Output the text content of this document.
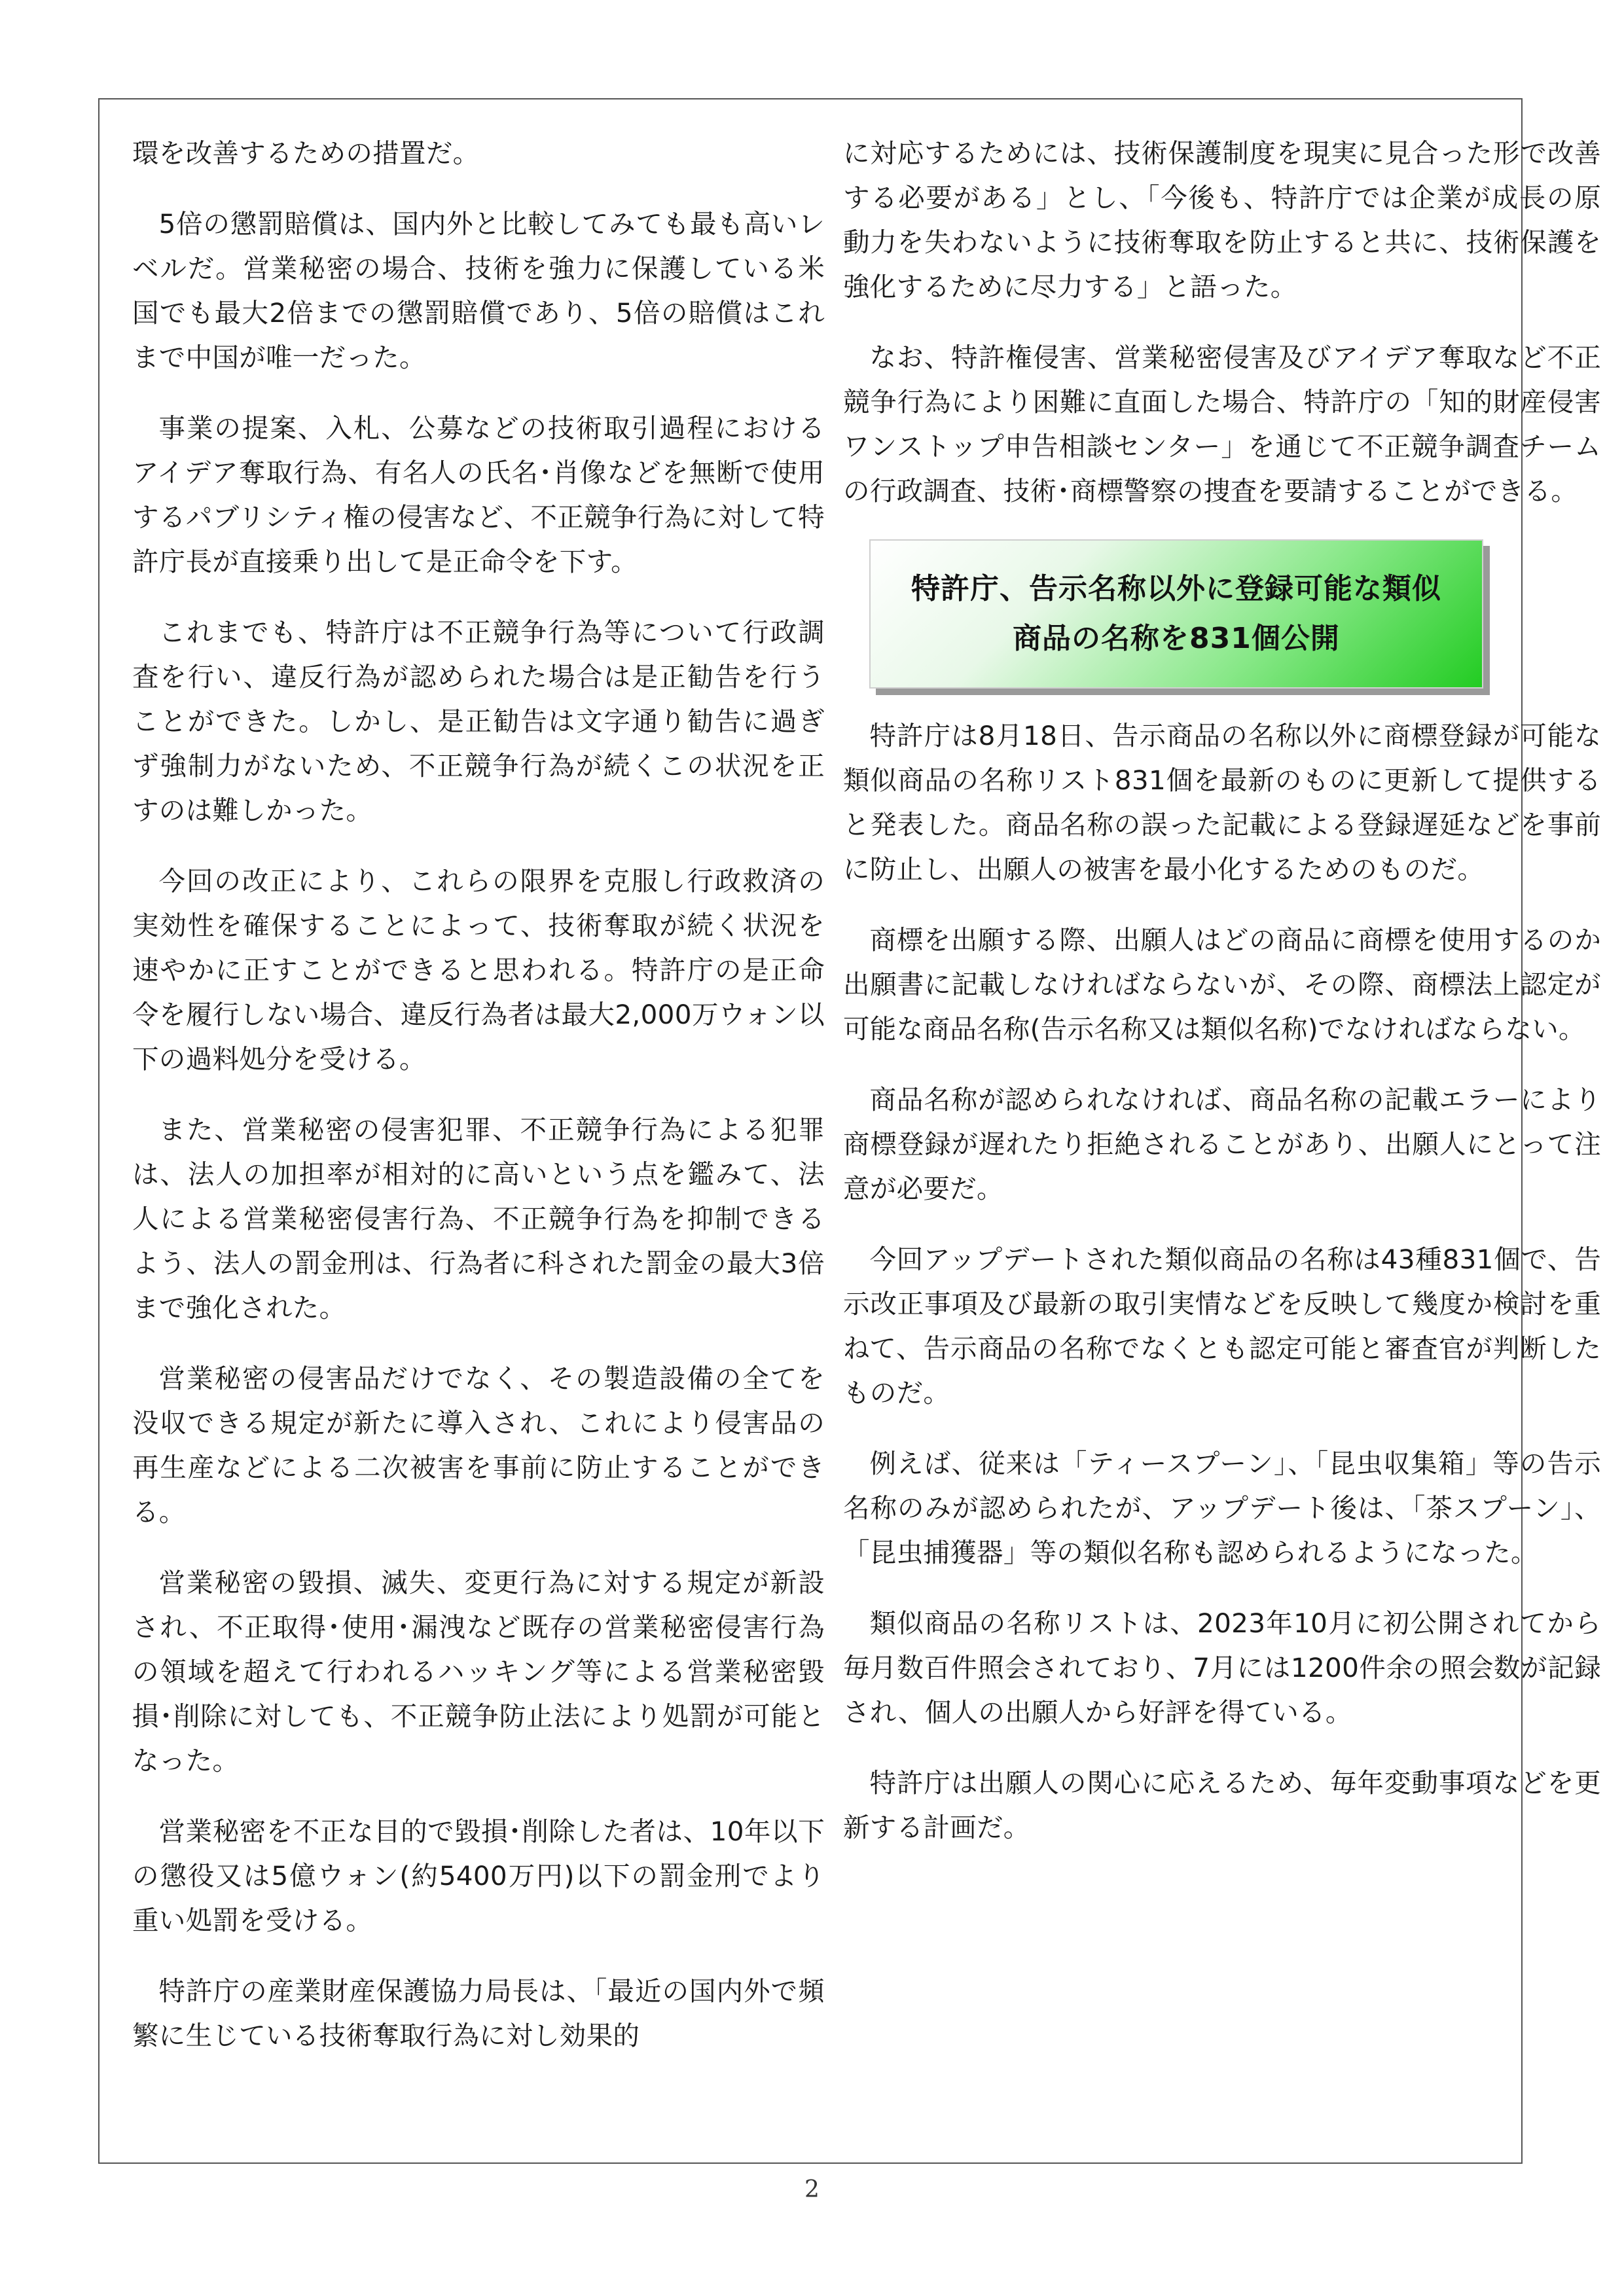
環を改善するための措置だ。

5倍の懲罰賠償は、国内外と比較してみても最も高いレベルだ。営業秘密の場合、技術を強力に保護している米国でも最大2倍までの懲罰賠償であり、5倍の賠償はこれまで中国が唯一だった。

事業の提案、入札、公募などの技術取引過程におけるアイデア奪取行為、有名人の氏名･肖像などを無断で使用するパブリシティ権の侵害など、不正競争行為に対して特許庁長が直接乗り出して是正命令を下す。

これまでも、特許庁は不正競争行為等について行政調査を行い、違反行為が認められた場合は是正勧告を行うことができた。しかし、是正勧告は文字通り勧告に過ぎず強制力がないため、不正競争行為が続くこの状況を正すのは難しかった。

今回の改正により、これらの限界を克服し行政救済の実効性を確保することによって、技術奪取が続く状況を速やかに正すことができると思われる。特許庁の是正命令を履行しない場合、違反行為者は最大2,000万ウォン以下の過料処分を受ける。

また、営業秘密の侵害犯罪、不正競争行為による犯罪は、法人の加担率が相対的に高いという点を鑑みて、法人による営業秘密侵害行為、不正競争行為を抑制できるよう、法人の罰金刑は、行為者に科された罰金の最大3倍まで強化された。

営業秘密の侵害品だけでなく、その製造設備の全てを没収できる規定が新たに導入され、これにより侵害品の再生産などによる二次被害を事前に防止することができる。

営業秘密の毀損、滅失、変更行為に対する規定が新設され、不正取得･使用･漏洩など既存の営業秘密侵害行為の領域を超えて行われるハッキング等による営業秘密毀損･削除に対しても、不正競争防止法により処罰が可能となった。

営業秘密を不正な目的で毀損･削除した者は、10年以下の懲役又は5億ウォン(約5400万円)以下の罰金刑でより重い処罰を受ける。

特許庁の産業財産保護協力局長は、「最近の国内外で頻繁に生じている技術奪取行為に対し効果的

に対応するためには、技術保護制度を現実に見合った形で改善する必要がある」とし、「今後も、特許庁では企業が成長の原動力を失わないように技術奪取を防止すると共に、技術保護を強化するために尽力する」と語った。

なお、特許権侵害、営業秘密侵害及びアイデア奪取など不正競争行為により困難に直面した場合、特許庁の「知的財産侵害ワンストップ申告相談センター」を通じて不正競争調査チームの行政調査、技術･商標警察の捜査を要請することができる。

特許庁、告示名称以外に登録可能な類似
商品の名称を831個公開

特許庁は8月18日、告示商品の名称以外に商標登録が可能な類似商品の名称リスト831個を最新のものに更新して提供すると発表した。商品名称の誤った記載による登録遅延などを事前に防止し、出願人の被害を最小化するためのものだ。

商標を出願する際、出願人はどの商品に商標を使用するのか出願書に記載しなければならないが、その際、商標法上認定が可能な商品名称(告示名称又は類似名称)でなければならない。

商品名称が認められなければ、商品名称の記載エラーにより商標登録が遅れたり拒絶されることがあり、出願人にとって注意が必要だ。

今回アップデートされた類似商品の名称は43種831個で、告示改正事項及び最新の取引実情などを反映して幾度か検討を重ねて、告示商品の名称でなくとも認定可能と審査官が判断したものだ。

例えば、従来は「ティースプーン」、「昆虫収集箱」等の告示名称のみが認められたが、アップデート後は、「茶スプーン」、「昆虫捕獲器」等の類似名称も認められるようになった。

類似商品の名称リストは、2023年10月に初公開されてから毎月数百件照会されており、7月には1200件余の照会数が記録され、個人の出願人から好評を得ている。

特許庁は出願人の関心に応えるため、毎年変動事項などを更新する計画だ。

2
